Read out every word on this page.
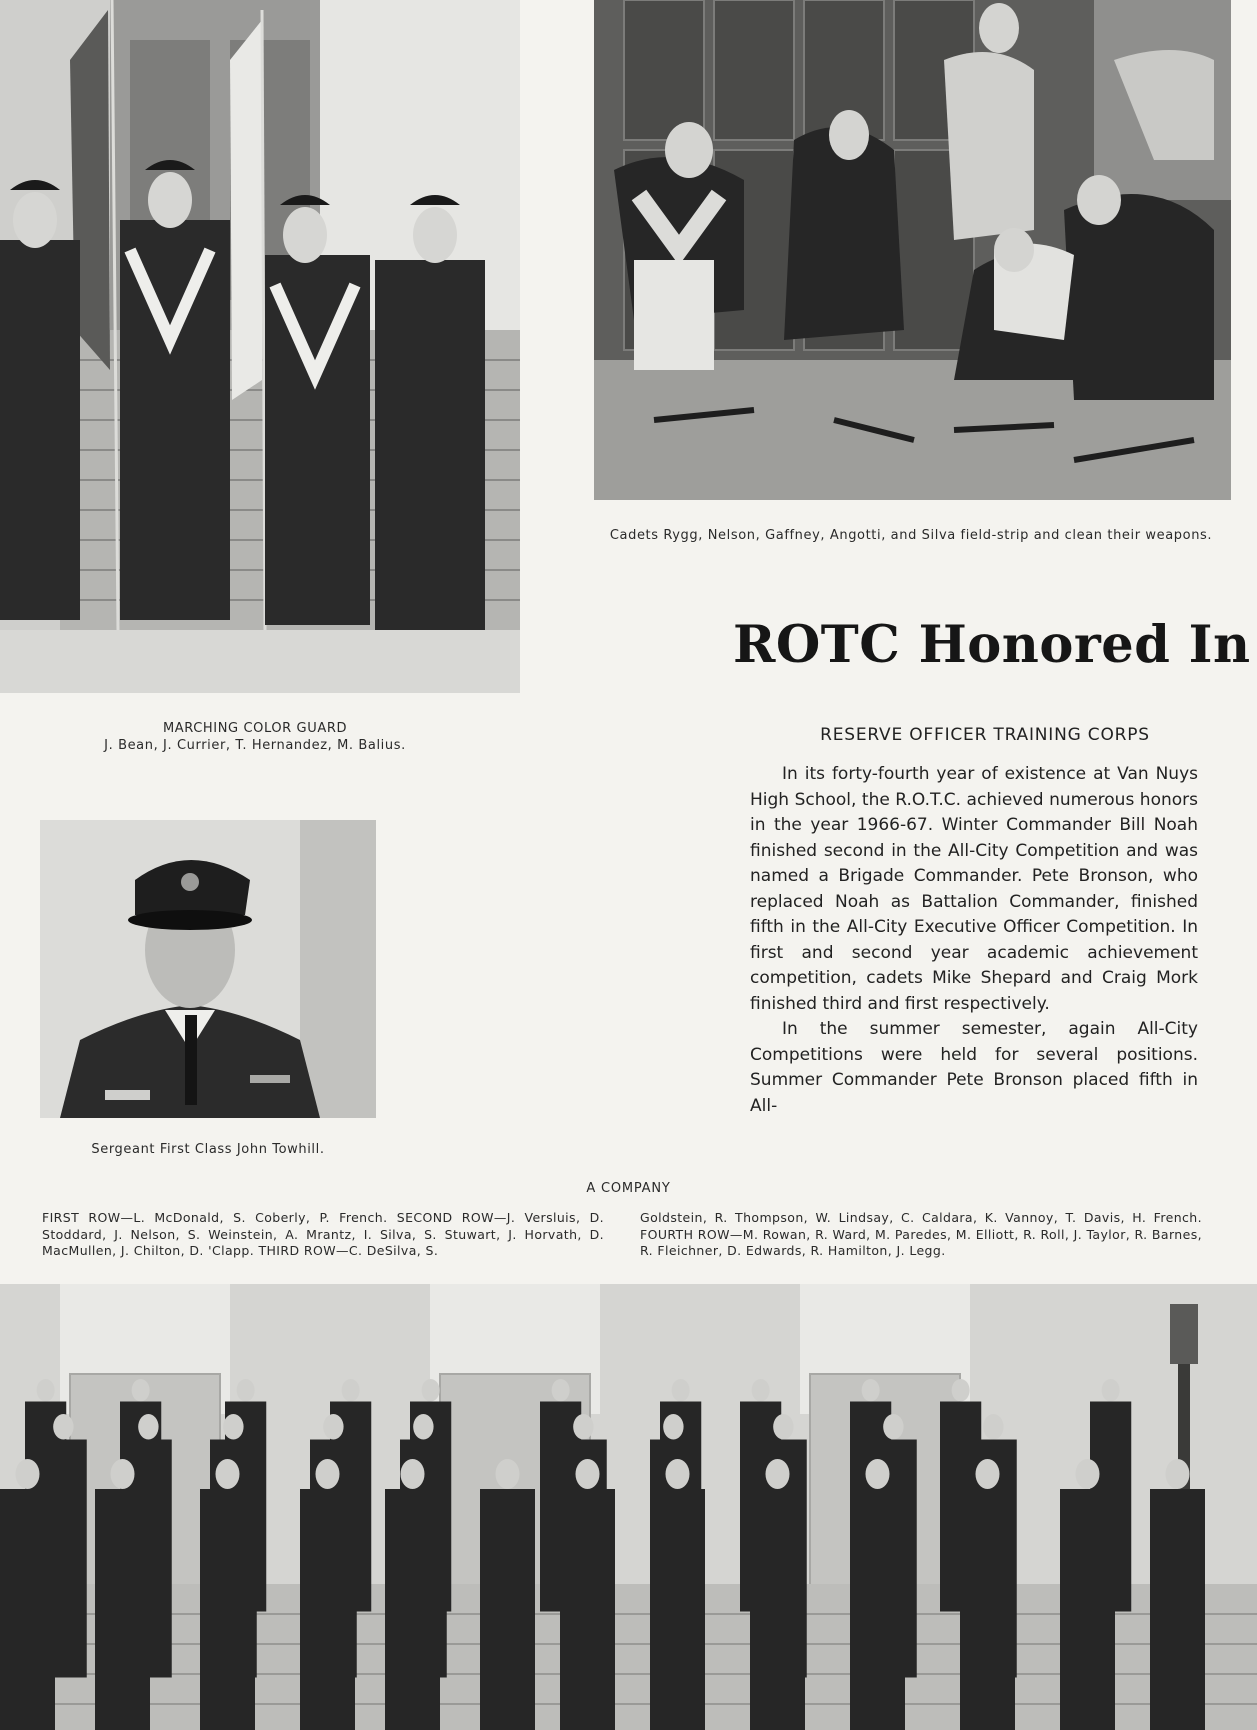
Cadets Rygg, Nelson, Gaffney, Angotti, and Silva field-strip and clean their weapons.
ROTC Honored In
MARCHING COLOR GUARD
J. Bean, J. Currier, T. Hernandez, M. Balius.
RESERVE OFFICER TRAINING CORPS

In its forty-fourth year of existence at Van Nuys High School, the R.O.T.C. achieved numerous honors in the year 1966-67. Winter Commander Bill Noah finished second in the All-City Competition and was named a Brigade Commander. Pete Bronson, who replaced Noah as Battalion Commander, finished fifth in the All-City Executive Officer Competition. In first and second year academic achievement competition, cadets Mike Shepard and Craig Mork finished third and first respectively.

In the summer semester, again All-City Competitions were held for several positions. Summer Commander Pete Bronson placed fifth in All-

Sergeant First Class John Towhill.
A COMPANY
FIRST ROW—L. McDonald, S. Coberly, P. French. SECOND ROW—J. Versluis, D. Stoddard, J. Nelson, S. Weinstein, A. Mrantz, I. Silva, S. Stuwart, J. Horvath, D. MacMullen, J. Chilton, D. 'Clapp. THIRD ROW—C. DeSilva, S.
Goldstein, R. Thompson, W. Lindsay, C. Caldara, K. Vannoy, T. Davis, H. French. FOURTH ROW—M. Rowan, R. Ward, M. Paredes, M. Elliott, R. Roll, J. Taylor, R. Barnes, R. Fleichner, D. Edwards, R. Hamilton, J. Legg.
